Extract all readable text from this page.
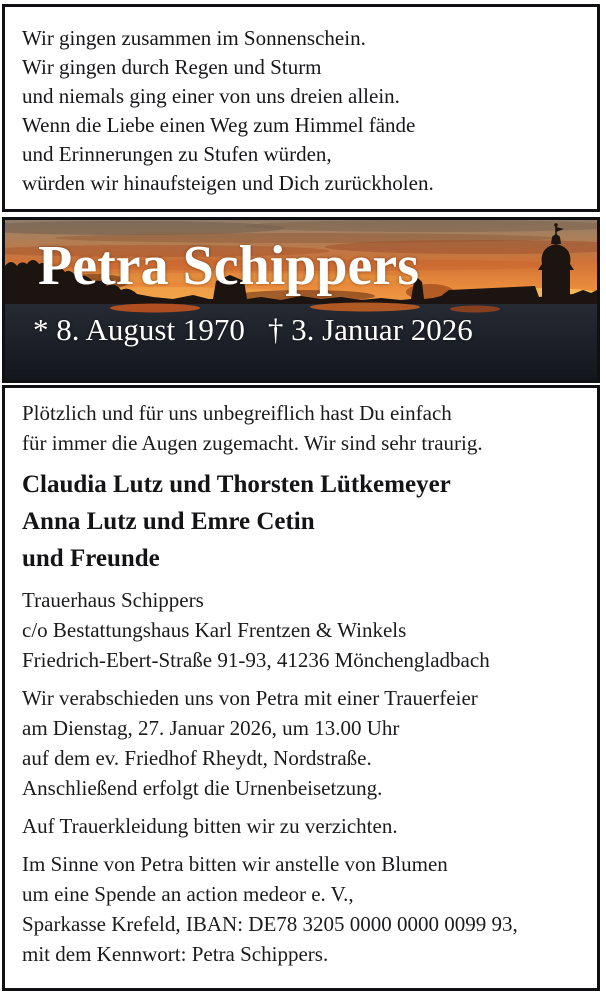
Wir gingen zusammen im Sonnenschein.
Wir gingen durch Regen und Sturm
und niemals ging einer von uns dreien allein.
Wenn die Liebe einen Weg zum Himmel fände
und Erinnerungen zu Stufen würden,
würden wir hinaufsteigen und Dich zurückholen.
Petra Schippers
* 8. August 1970 † 3. Januar 2026

Plötzlich und für uns unbegreiflich hast Du einfach
für immer die Augen zugemacht. Wir sind sehr traurig.

Claudia Lutz und Thorsten Lütkemeyer
Anna Lutz und Emre Cetin
und Freunde

Trauerhaus Schippers
c/o Bestattungshaus Karl Frentzen & Winkels
Friedrich-Ebert-Straße 91-93, 41236 Mönchengladbach

Wir verabschieden uns von Petra mit einer Trauerfeier
am Dienstag, 27. Januar 2026, um 13.00 Uhr
auf dem ev. Friedhof Rheydt, Nordstraße.
Anschließend erfolgt die Urnenbeisetzung.

Auf Trauerkleidung bitten wir zu verzichten.

Im Sinne von Petra bitten wir anstelle von Blumen
um eine Spende an action medeor e. V.,
Sparkasse Krefeld, IBAN: DE78 3205 0000 0000 0099 93,
mit dem Kennwort: Petra Schippers.
